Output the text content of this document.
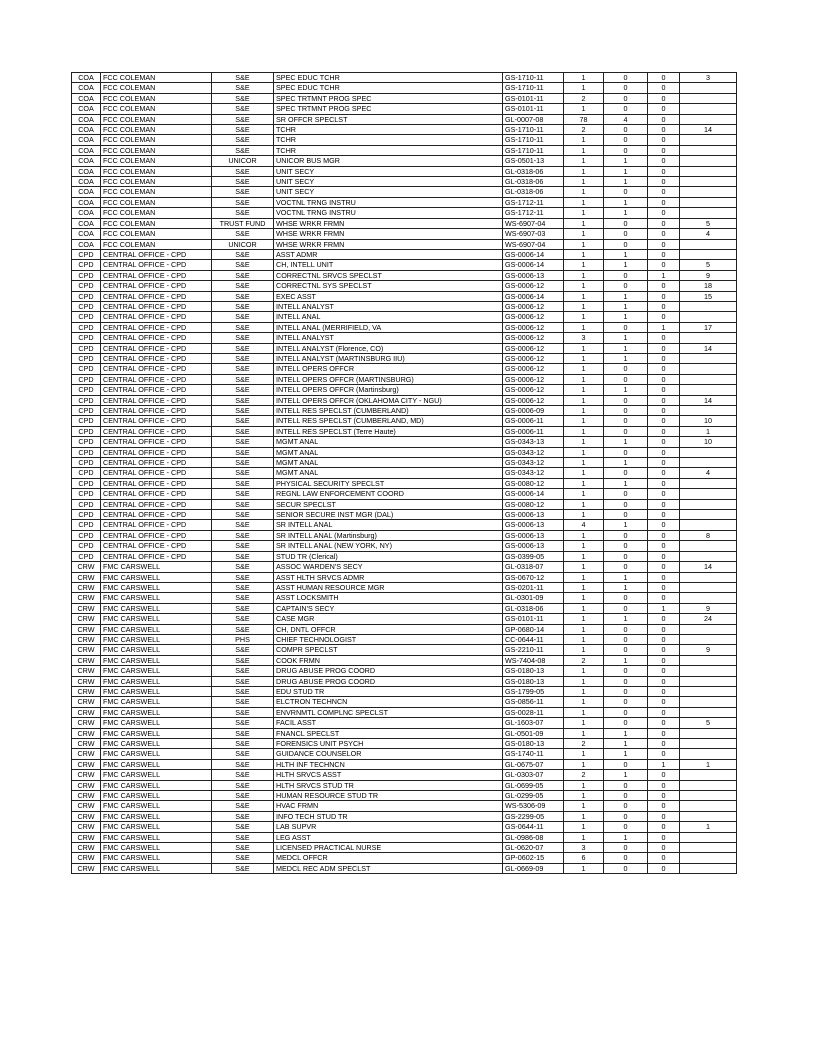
COA	FCC COLEMAN	S&E	SPEC EDUC TCHR	GS-1710-11	1	0	0	3
COA	FCC COLEMAN	S&E	SPEC EDUC TCHR	GS-1710-11	1	0	0	
COA	FCC COLEMAN	S&E	SPEC TRTMNT PROG SPEC	GS-0101-11	2	0	0	
COA	FCC COLEMAN	S&E	SPEC TRTMNT PROG SPEC	GS-0101-11	1	0	0	
COA	FCC COLEMAN	S&E	SR OFFCR SPECLST	GL-0007-08	78	4	0	
COA	FCC COLEMAN	S&E	TCHR	GS-1710-11	2	0	0	14
COA	FCC COLEMAN	S&E	TCHR	GS-1710-11	1	0	0	
COA	FCC COLEMAN	S&E	TCHR	GS-1710-11	1	0	0	
COA	FCC COLEMAN	UNICOR	UNICOR BUS MGR	GS-0501-13	1	1	0	
COA	FCC COLEMAN	S&E	UNIT SECY	GL-0318-06	1	1	0	
COA	FCC COLEMAN	S&E	UNIT SECY	GL-0318-06	1	1	0	
COA	FCC COLEMAN	S&E	UNIT SECY	GL-0318-06	1	0	0	
COA	FCC COLEMAN	S&E	VOCTNL TRNG INSTRU	GS-1712-11	1	1	0	
COA	FCC COLEMAN	S&E	VOCTNL TRNG INSTRU	GS-1712-11	1	1	0	
COA	FCC COLEMAN	TRUST FUND	WHSE WRKR FRMN	WS-6907-04	1	0	0	5
COA	FCC COLEMAN	S&E	WHSE WRKR FRMN	WS-6907-03	1	0	0	4
COA	FCC COLEMAN	UNICOR	WHSE WRKR FRMN	WS-6907-04	1	0	0	
CPD	CENTRAL OFFICE - CPD	S&E	ASST ADMR	GS-0006-14	1	1	0	
CPD	CENTRAL OFFICE - CPD	S&E	CH, INTELL UNIT	GS-0006-14	1	1	0	5
CPD	CENTRAL OFFICE - CPD	S&E	CORRECTNL SRVCS SPECLST	GS-0006-13	1	0	1	9
CPD	CENTRAL OFFICE - CPD	S&E	CORRECTNL SYS SPECLST	GS-0006-12	1	0	0	18
CPD	CENTRAL OFFICE - CPD	S&E	EXEC ASST	GS-0006-14	1	1	0	15
CPD	CENTRAL OFFICE - CPD	S&E	INTELL ANALYST	GS-0006-12	1	1	0	
CPD	CENTRAL OFFICE - CPD	S&E	INTELL ANAL	GS-0006-12	1	1	0	
CPD	CENTRAL OFFICE - CPD	S&E	INTELL ANAL (MERRIFIELD, VA	GS-0006-12	1	0	1	17
CPD	CENTRAL OFFICE - CPD	S&E	INTELL ANALYST	GS-0006-12	3	1	0	
CPD	CENTRAL OFFICE - CPD	S&E	INTELL ANALYST (Florence, CO)	GS-0006-12	1	1	0	14
CPD	CENTRAL OFFICE - CPD	S&E	INTELL ANALYST (MARTINSBURG IIU)	GS-0006-12	1	1	0	
CPD	CENTRAL OFFICE - CPD	S&E	INTELL OPERS OFFCR	GS-0006-12	1	0	0	
CPD	CENTRAL OFFICE - CPD	S&E	INTELL OPERS OFFCR (MARTINSBURG)	GS-0006-12	1	0	0	
CPD	CENTRAL OFFICE - CPD	S&E	INTELL OPERS OFFCR (Martinsburg)	GS-0006-12	1	1	0	
CPD	CENTRAL OFFICE - CPD	S&E	INTELL OPERS OFFCR (OKLAHOMA CITY - NGU)	GS-0006-12	1	0	0	14
CPD	CENTRAL OFFICE - CPD	S&E	INTELL RES SPECLST (CUMBERLAND)	GS-0006-09	1	0	0	
CPD	CENTRAL OFFICE - CPD	S&E	INTELL RES SPECLST (CUMBERLAND, MD)	GS-0006-11	1	0	0	10
CPD	CENTRAL OFFICE - CPD	S&E	INTELL RES SPECLST (Terre Haute)	GS-0006-11	1	0	0	1
CPD	CENTRAL OFFICE - CPD	S&E	MGMT ANAL	GS-0343-13	1	1	0	10
CPD	CENTRAL OFFICE - CPD	S&E	MGMT ANAL	GS-0343-12	1	0	0	
CPD	CENTRAL OFFICE - CPD	S&E	MGMT ANAL	GS-0343-12	1	1	0	
CPD	CENTRAL OFFICE - CPD	S&E	MGMT ANAL	GS-0343-12	1	0	0	4
CPD	CENTRAL OFFICE - CPD	S&E	PHYSICAL SECURITY SPECLST	GS-0080-12	1	1	0	
CPD	CENTRAL OFFICE - CPD	S&E	REGNL LAW ENFORCEMENT COORD	GS-0006-14	1	0	0	
CPD	CENTRAL OFFICE - CPD	S&E	SECUR SPECLST	GS-0080-12	1	0	0	
CPD	CENTRAL OFFICE - CPD	S&E	SENIOR SECURE INST MGR (DAL)	GS-0006-13	1	0	0	
CPD	CENTRAL OFFICE - CPD	S&E	SR INTELL ANAL	GS-0006-13	4	1	0	
CPD	CENTRAL OFFICE - CPD	S&E	SR INTELL ANAL (Martinsburg)	GS-0006-13	1	0	0	8
CPD	CENTRAL OFFICE - CPD	S&E	SR INTELL ANAL (NEW YORK, NY)	GS-0006-13	1	0	0	
CPD	CENTRAL OFFICE - CPD	S&E	STUD TR (Clerical)	GS-0399-05	1	0	0	
CRW	FMC CARSWELL	S&E	ASSOC WARDEN'S SECY	GL-0318-07	1	0	0	14
CRW	FMC CARSWELL	S&E	ASST HLTH SRVCS ADMR	GS-0670-12	1	1	0	
CRW	FMC CARSWELL	S&E	ASST HUMAN RESOURCE MGR	GS-0201-11	1	1	0	
CRW	FMC CARSWELL	S&E	ASST LOCKSMITH	GL-0301-09	1	0	0	
CRW	FMC CARSWELL	S&E	CAPTAIN'S SECY	GL-0318-06	1	0	1	9
CRW	FMC CARSWELL	S&E	CASE MGR	GS-0101-11	1	1	0	24
CRW	FMC CARSWELL	S&E	CH, DNTL OFFCR	GP-0680-14	1	0	0	
CRW	FMC CARSWELL	PHS	CHIEF TECHNOLOGIST	CC-0644-11	1	0	0	
CRW	FMC CARSWELL	S&E	COMPR SPECLST	GS-2210-11	1	0	0	9
CRW	FMC CARSWELL	S&E	COOK FRMN	WS-7404-08	2	1	0	
CRW	FMC CARSWELL	S&E	DRUG ABUSE PROG COORD	GS-0180-13	1	0	0	
CRW	FMC CARSWELL	S&E	DRUG ABUSE PROG COORD	GS-0180-13	1	0	0	
CRW	FMC CARSWELL	S&E	EDU STUD TR	GS-1799-05	1	0	0	
CRW	FMC CARSWELL	S&E	ELCTRON TECHNCN	GS-0856-11	1	0	0	
CRW	FMC CARSWELL	S&E	ENVRNMTL COMPLNC SPECLST	GS-0028-11	1	0	0	
CRW	FMC CARSWELL	S&E	FACIL ASST	GL-1603-07	1	0	0	5
CRW	FMC CARSWELL	S&E	FNANCL SPECLST	GL-0501-09	1	1	0	
CRW	FMC CARSWELL	S&E	FORENSICS UNIT PSYCH	GS-0180-13	2	1	0	
CRW	FMC CARSWELL	S&E	GUIDANCE COUNSELOR	GS-1740-11	1	1	0	
CRW	FMC CARSWELL	S&E	HLTH INF TECHNCN	GL-0675-07	1	0	1	1
CRW	FMC CARSWELL	S&E	HLTH SRVCS ASST	GL-0303-07	2	1	0	
CRW	FMC CARSWELL	S&E	HLTH SRVCS STUD TR	GL-0699-05	1	0	0	
CRW	FMC CARSWELL	S&E	HUMAN RESOURCE STUD TR	GL-0299-05	1	0	0	
CRW	FMC CARSWELL	S&E	HVAC FRMN	WS-5306-09	1	0	0	
CRW	FMC CARSWELL	S&E	INFO TECH STUD TR	GS-2299-05	1	0	0	
CRW	FMC CARSWELL	S&E	LAB SUPVR	GS-0644-11	1	0	0	1
CRW	FMC CARSWELL	S&E	LEG ASST	GL-0986-08	1	1	0	
CRW	FMC CARSWELL	S&E	LICENSED PRACTICAL NURSE	GL-0620-07	3	0	0	
CRW	FMC CARSWELL	S&E	MEDCL OFFCR	GP-0602-15	6	0	0	
CRW	FMC CARSWELL	S&E	MEDCL REC ADM SPECLST	GL-0669-09	1	0	0	
